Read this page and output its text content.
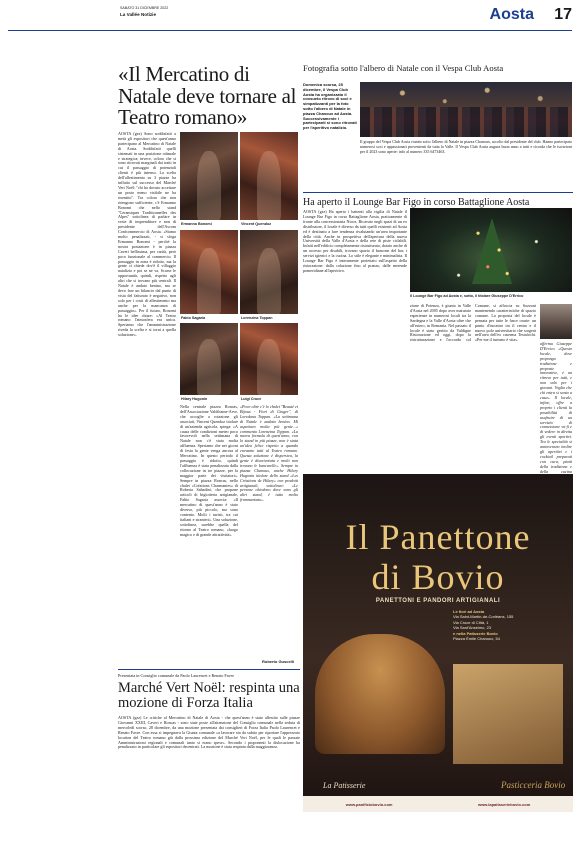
SABATO 31 DICEMBRE 2022
La Vallée Notizie	Aosta 17
«Il Mercatino di Natale deve tornare al Teatro romano»
AOSTA (gzz) Sono soddisfatti a metà gli espositori che quest'anno partecipano al Mercatino di Natale di Aosta. Soddisfatti quelli sistemati in una posizione ottimale e strategica; invece, coloro che si sono ritrovati marginali dai tratti in cui il passaggio di potenziali clienti è più intenso. La scelta dell'allestimento su 3 piazze ha influito sul successo del Marché Vert Noël: "chi ha dovuto accettare un posto meno visibile ne ha risentito". Tra coloro che non ritengono sufficiente, c'è Ermanno Bonomi che nello stand "Ceramiques Traditionnelles des Alpes" sottolinea di parlare in veste di imprenditore e non di presidente dell'Ascom Confcommercio di Aosta. «Siamo molto penalizzati, - si sfoga Ermanno Bonomi - perché la nostra postazione è in piazza Caveri bellissima, per carità, però poco funzionale al commercio. Il passaggio in zona è ridotto, ma la gente ci chiede dov'è il villaggio natalizio e poi se ne va. Scarse le opportunità, quindi, rispetto agli altri che si trovano più centrali. Il Natale è andato benino, ma se devo fare un bilancio dal punto di vista del fatturato è negativo, non solo per i costi di allestimento ma anche per la mancanza di passaggio». Per il futuro, Bonomi ha le idee chiare: «Al Teatro romano l'atmosfera era unica. Speriamo che l'amministrazione riveda la scelta e si torni a quella soluzione».
Ermanno Bonomi	Vincent Quendoz
Fabio Sagaria	Lorenzina Toppan
Hilary Hugonin	Luigi Croce
Nella centrale piazza Roncas, dell'Associazione Valdôtaine-Arve, che accoglie a rotazione gli associati, Vincent Quendoz titolare di un'azienda agricola, spiega: «A causa delle condizioni meteo poco favorevoli nella settimana di Natale non c'è stata molta affluenza. Speriamo che nei giorni di festa la gente venga ancora al Mercatino. In questo periodo il passaggio è ridotto, quindi l'affluenza è stata penalizzata dalla collocazione in tre piazze, per la maggior parte dei visitatori». Sempre in piazza Roncas, nello chalet «Créations Charmantes» di Roberta Sabadini, che propone articoli di bigiotteria artigianale, Fabio Sagaria associa: «Il mercatino di quest'anno è stato diverso, più piccolo, ma sono contento. Molti i turisti, tra cui italiani e stranieri». Una soluzione, sottolinea, sarebbe quella del ritorno al Teatro romano, «luogo magico e di grande attrattività».
«Poco oltre c'è lo chalet "Beauté et Bijoux - Fiori di Ginger", di Loredana Toppan. «La settimana di Natale è andata benino. Mi aspettavo molta più gente...» commenta Lorenzina Toppan. «La nuova formula di quest'anno, con lo stand in più piazze, non è stata un'idea felice rispetto a quando eravamo tutti al Teatro romano. Questa soluzione è dispersiva, la gente è disorientata e molti non trovano le bancarelle». Sempre in piazza Chanoux, anche Hilary Hugonin titolare dello stand «Les Créations de Hilary» con prodotti artigianali, sottolinea: «Le persone chiedono dove sono gli altri stand, è tutto molto frammentato».
Roberto Guscelli
Presentata in Consiglio comunale da Paolo Laurencet e Renato Favre
Marché Vert Noël: respinta una mozione di Forza Italia
AOSTA (gzz) Le critiche al Mercatino di Natale di Aosta - che quest'anno è stato allestito sulle piazze Giovanni XXIII, Caveri e Roncas - sono state poste all'attenzione del Consiglio comunale nella seduta di mercoledì scorso, 28 dicembre, da una mozione presentata dai consiglieri di Forza Italia Paolo Laurencet e Renato Favre. Con essa si impegnava la Giunta comunale «a lavorare sin da subito per riportare l'apprezzato location del Teatro romano già dalla prossima edizione del Marché Vert Noël, per le quali le passate Amministrazioni regionali e comunali tanto si erano spese». Secondo i proponenti la dislocazione ha penalizzato in particolare gli espositori decentrati. La mozione è stata respinta dalla maggioranza.
Fotografia sotto l'albero di Natale con il Vespa Club Aosta
Domenica scorsa, 25 dicembre, il Vespa Club Aosta ha organizzato il consueto ritrovo di soci e simpatizzanti per la foto sotto l'albero di Natale in piazza Chanoux ad Aosta. Successivamente i partecipanti si sono ritrovati per l'aperitivo natalizio.
Il gruppo del Vespa Club Aosta riunito sotto l'albero di Natale in piazza Chanoux, accolto dal presidente del club. Hanno partecipato numerosi soci e appassionati provenienti da tutta la Valle. Il Vespa Club Aosta augura buon anno a tutti e ricorda che le iscrizioni per il 2023 sono aperte: info al numero 335 6473463.
Ha aperto il Lounge Bar Figo in corso Battaglione Aosta
AOSTA (gzz) Ha aperto i battenti alla vigilia di Natale il Lounge Bar Figo in corso Battaglione Aosta, praticamente di fronte alla concessionaria Nicoz. Bicavato negli spazi di un ex distributore, il locale è diverso da tutti quelli esistenti ad Aosta ed è destinato a fare tendenza rivalutando un'area importante della città. Anche in prospettiva dell'apertura della nuova Università della Valle d'Aosta e della rete di piste ciclabili. Infatti nell'edificio completamente ristrutturato, dotato anche di un accesso per disabili, trovano spazio il bancone del bar, i servizi igienici e la cucina. Lo stile è elegante e minimalista. Il Lounge Bar Figo è interamente proiettato sull'aspetto della ristorazione: dalla colazione fino al pranzo, dalle merende pomeridiane all'aperitivo.
Il Lounge Bar Figo ad Aosta e, sotto, il titolare Giuseppe D'Errico
zione di Potenza, è giunto in Valle d'Aosta nel 2005 dopo aver maturato esperienze in numerosi locali tra la Sardegna e la Valle d'Aosta oltre che all'estero, in Romania. Nel passato il locale è stato gestito da Valdigne Ristorazione ed oggi, dopo la ristrutturazione e l'accordo col Comune, si affaccia su Sozzoni mantenendo caratteristiche di spazio comune. La proposta del locale è pensata per tutte le fasce orarie: un punto d'incontro tra il centro e il nuovo polo universitario che sorgerà nell'area dell'ex caserma Testafochi. «Per me il turismo è vita».
afferma Giuseppe D'Errico. «Questo locale, dove propongo tradizione e proposte innovative, è un ritrovo per tutti, e non solo per i giovani. Voglio che chi entra si senta a casa». Il locale, infine, offre a proprio i clienti la possibilità di usufruire di un servizio di connessione wi-fi e di vedere in diretta gli eventi sportivi. Tra le specialità si annoverano inoltre gli aperitivi e i cocktail preparati con cura, piatti della tradizione e della cucina
Il Panettone
di Bovio
PANETTONI E PANDORI ARTIGIANALI
Le fiori ad Aosta
Via Saint-Martin-de-Corléans, 155
Via Croce di Città, 1
Via Sant'Anselmo, 23
e nella Patisserie Bovio
Piazza Émile Chanoux, 54
La Patisserie	Pasticceria Bovio
www.panificiobovio.com	www.lapatisseriebovio.com
